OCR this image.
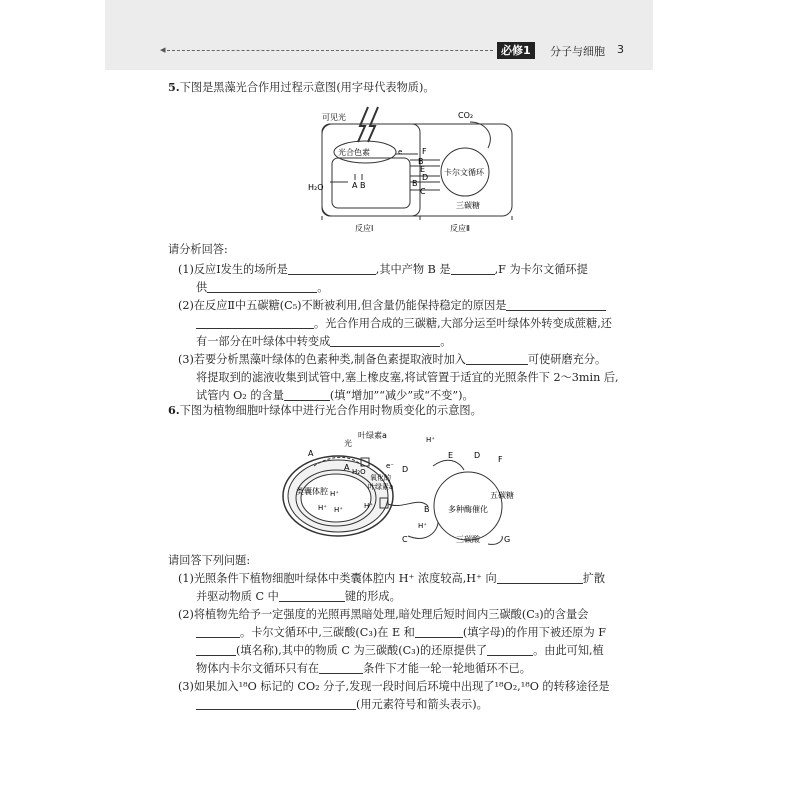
◂	必修1	分子与细胞 3
5.下图是黑藻光合作用过程示意图(用字母代表物质)。
可见光	CO₂
光合色素	e
H₂O	A B
F
B
E
D
B
C
卡尔文循环
三碳糖
反应Ⅰ	反应Ⅱ
请分析回答:
(1)反应Ⅰ发生的场所是	,其中产物 B 是	,F 为卡尔文循环提
供	。
(2)在反应Ⅱ中五碳糖(C₅)不断被利用,但含量仍能保持稳定的原因是
。光合作用合成的三碳糖,大部分运至叶绿体外转变成蔗糖,还
有一部分在叶绿体中转变成	。
(3)若要分析黑藻叶绿体的色素种类,制备色素提取液时加入	可使研磨充分。
将提取到的滤液收集到试管中,塞上橡皮塞,将试管置于适宜的光照条件下 2～3min 后,
试管内 O₂ 的含量	(填“增加”“减少”或“不变”)。
6.下图为植物细胞叶绿体中进行光合作用时物质变化的示意图。
光
叶绿素a	H⁺
A
A	e⁻ D
E	D F
H₂O
氧化的
叶绿素a
类囊体腔 H⁺
H⁺ H⁺	H⁺
H⁺
B
C
五碳糖
多种酶催化
三碳酸	G
请回答下列问题:
(1)光照条件下植物细胞叶绿体中类囊体腔内 H⁺ 浓度较高,H⁺ 向	扩散
并驱动物质 C 中	键的形成。
(2)将植物先给予一定强度的光照再黑暗处理,暗处理后短时间内三碳酸(C₃)的含量会
。卡尔文循环中,三碳酸(C₃)在 E 和	(填字母)的作用下被还原为 F
(填名称),其中的物质 C 为三碳酸(C₃)的还原提供了	。由此可知,植
物体内卡尔文循环只有在	条件下才能一轮一轮地循环不已。
(3)如果加入¹⁸O 标记的 CO₂ 分子,发现一段时间后环境中出现了¹⁸O₂,¹⁸O 的转移途径是
(用元素符号和箭头表示)。
